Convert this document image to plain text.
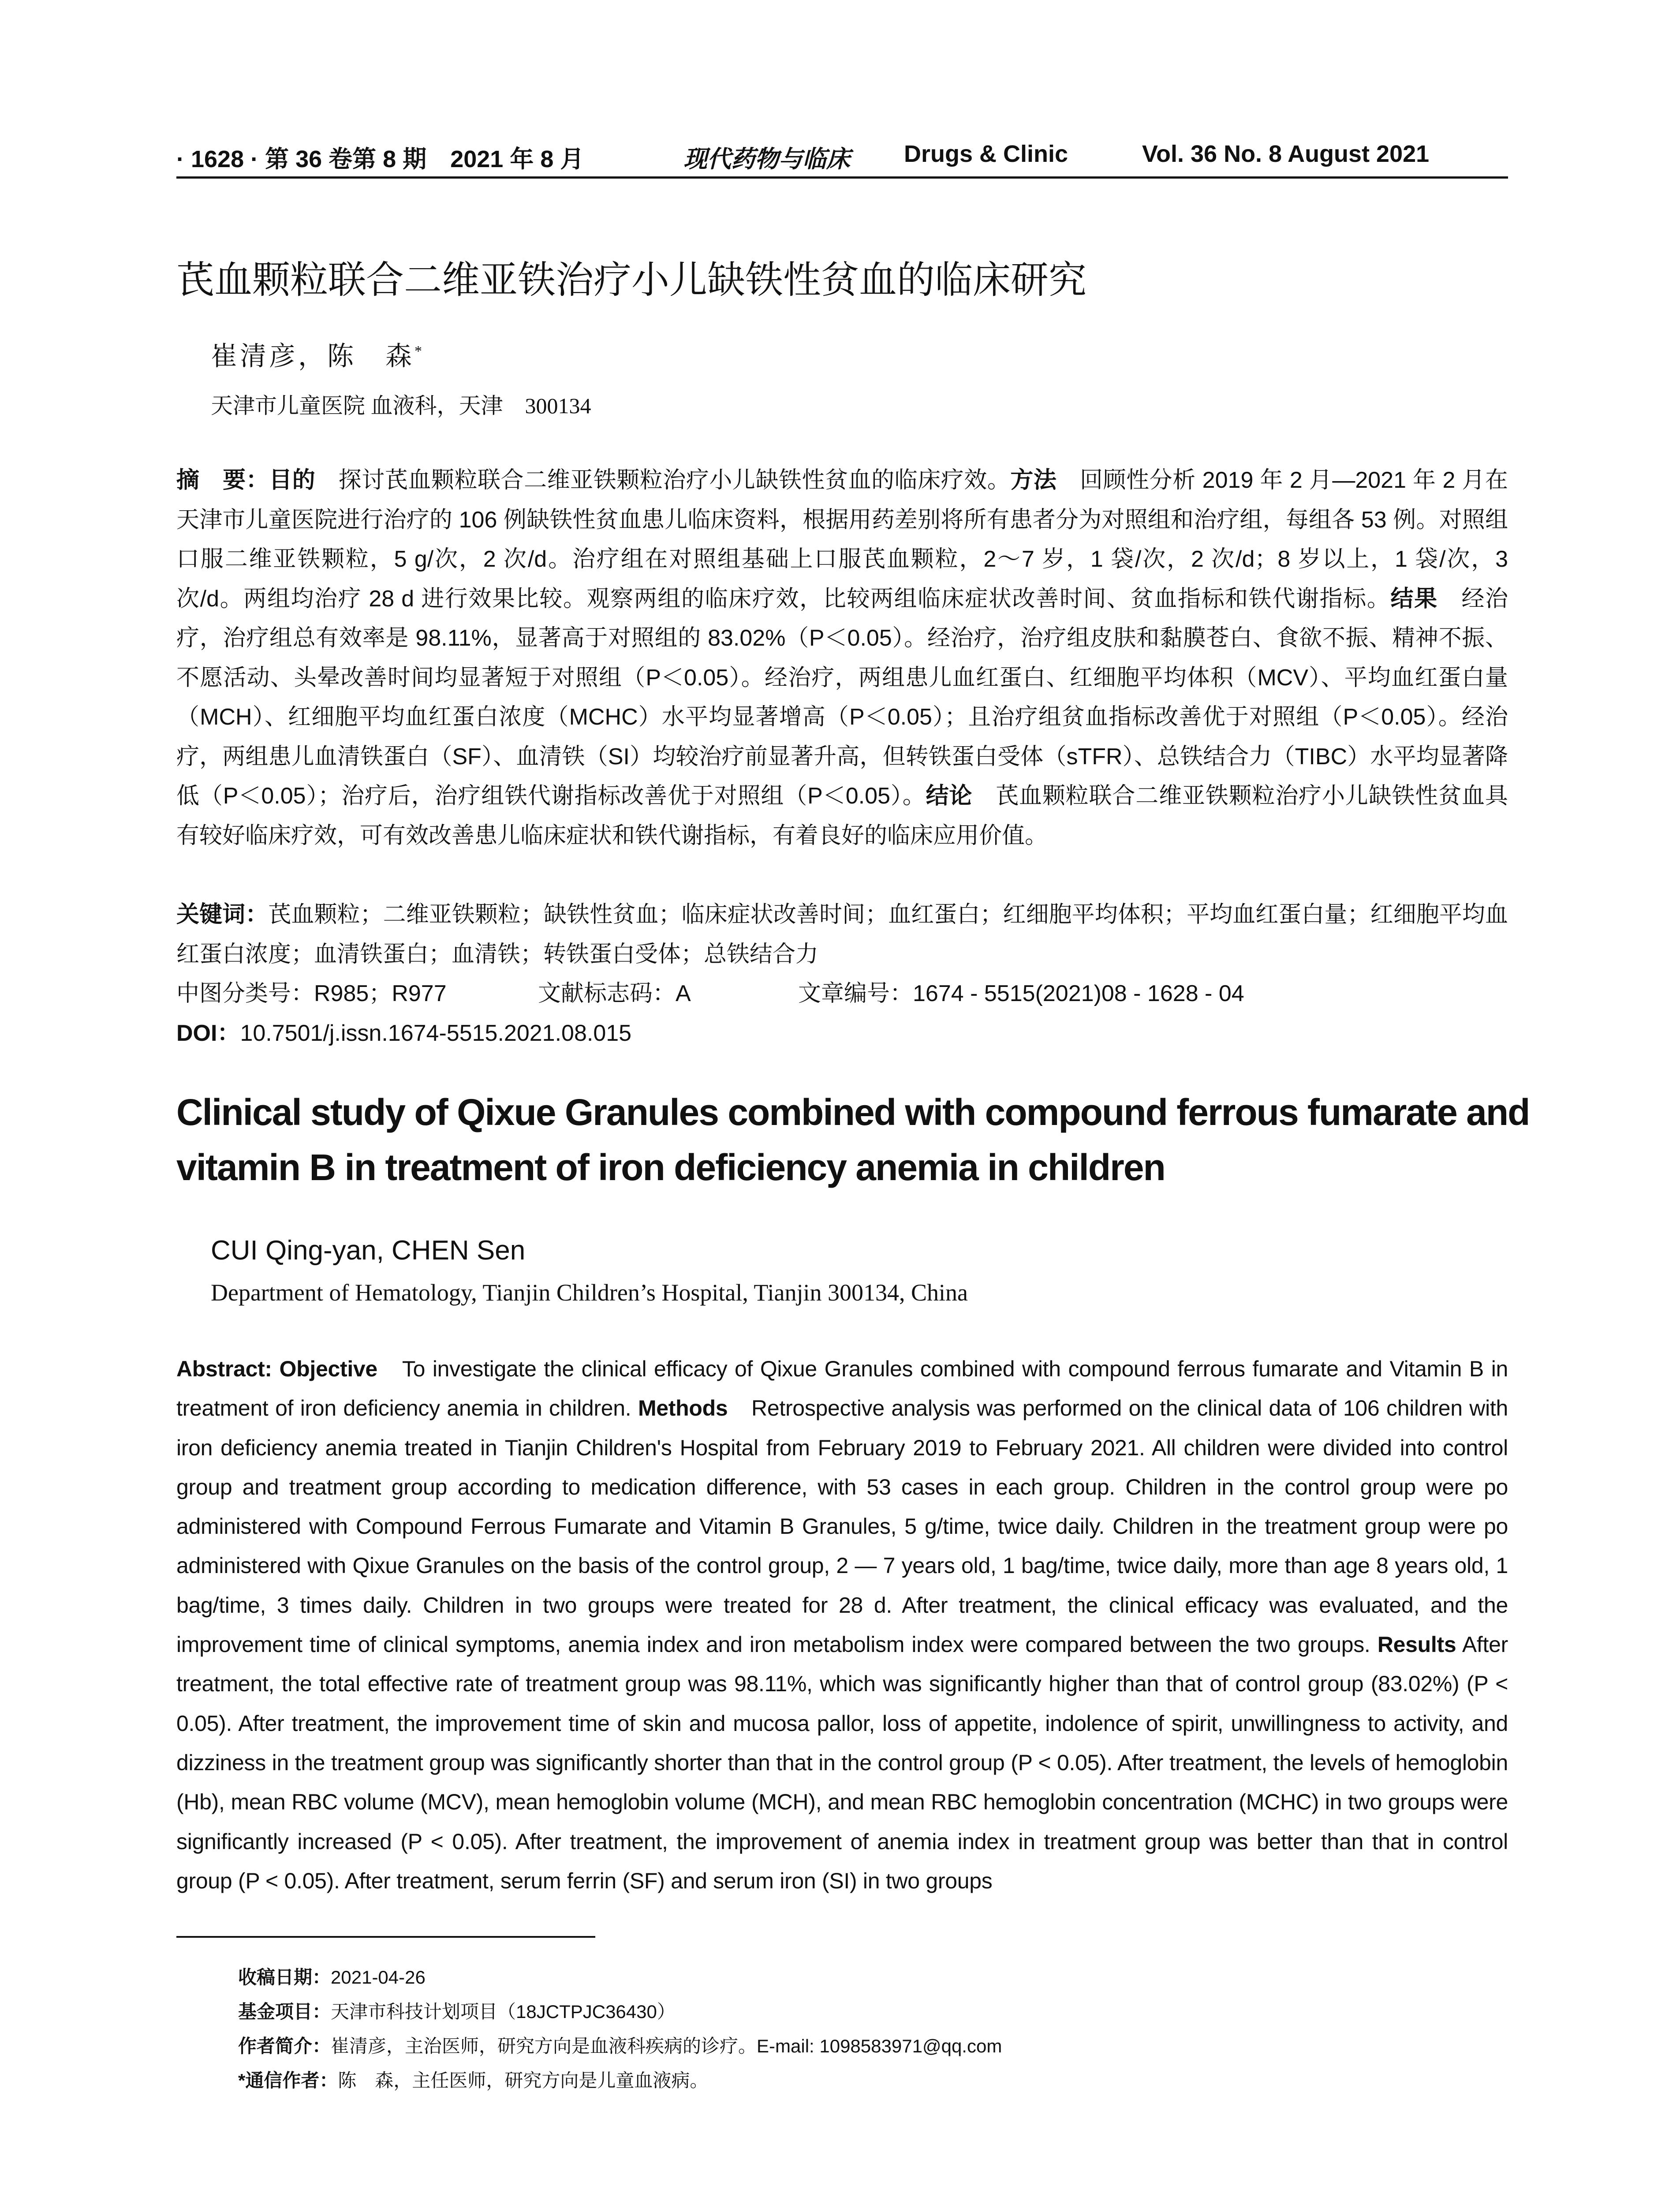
· 1628 · 第 36 卷第 8 期　2021 年 8 月	现代药物与临床 Drugs & Clinic	Vol. 36 No. 8 August 2021
芪血颗粒联合二维亚铁治疗小儿缺铁性贫血的临床研究
崔清彦，陈　森*
天津市儿童医院 血液科，天津　300134
摘　要：目的　探讨芪血颗粒联合二维亚铁颗粒治疗小儿缺铁性贫血的临床疗效。方法　回顾性分析 2019 年 2 月—2021 年 2 月在天津市儿童医院进行治疗的 106 例缺铁性贫血患儿临床资料，根据用药差别将所有患者分为对照组和治疗组，每组各 53 例。对照组口服二维亚铁颗粒，5 g/次，2 次/d。治疗组在对照组基础上口服芪血颗粒，2～7 岁，1 袋/次，2 次/d；8 岁以上，1 袋/次，3 次/d。两组均治疗 28 d 进行效果比较。观察两组的临床疗效，比较两组临床症状改善时间、贫血指标和铁代谢指标。结果　经治疗，治疗组总有效率是 98.11%，显著高于对照组的 83.02%（P＜0.05）。经治疗，治疗组皮肤和黏膜苍白、食欲不振、精神不振、不愿活动、头晕改善时间均显著短于对照组（P＜0.05）。经治疗，两组患儿血红蛋白、红细胞平均体积（MCV）、平均血红蛋白量（MCH）、红细胞平均血红蛋白浓度（MCHC）水平均显著增高（P＜0.05）；且治疗组贫血指标改善优于对照组（P＜0.05）。经治疗，两组患儿血清铁蛋白（SF）、血清铁（SI）均较治疗前显著升高，但转铁蛋白受体（sTFR）、总铁结合力（TIBC）水平均显著降低（P＜0.05）；治疗后，治疗组铁代谢指标改善优于对照组（P＜0.05）。结论　芪血颗粒联合二维亚铁颗粒治疗小儿缺铁性贫血具有较好临床疗效，可有效改善患儿临床症状和铁代谢指标，有着良好的临床应用价值。
关键词：芪血颗粒；二维亚铁颗粒；缺铁性贫血；临床症状改善时间；血红蛋白；红细胞平均体积；平均血红蛋白量；红细胞平均血红蛋白浓度；血清铁蛋白；血清铁；转铁蛋白受体；总铁结合力
中图分类号：R985；R977	文献标志码：A	文章编号：1674 - 5515(2021)08 - 1628 - 04
DOI：10.7501/j.issn.1674-5515.2021.08.015
Clinical study of Qixue Granules combined with compound ferrous fumarate and vitamin B in treatment of iron deficiency anemia in children
CUI Qing-yan, CHEN Sen
Department of Hematology, Tianjin Children’s Hospital, Tianjin 300134, China
Abstract: Objective　To investigate the clinical efficacy of Qixue Granules combined with compound ferrous fumarate and Vitamin B in treatment of iron deficiency anemia in children. Methods　Retrospective analysis was performed on the clinical data of 106 children with iron deficiency anemia treated in Tianjin Children's Hospital from February 2019 to February 2021. All children were divided into control group and treatment group according to medication difference, with 53 cases in each group. Children in the control group were po administered with Compound Ferrous Fumarate and Vitamin B Granules, 5 g/time, twice daily. Children in the treatment group were po administered with Qixue Granules on the basis of the control group, 2 — 7 years old, 1 bag/time, twice daily, more than age 8 years old, 1 bag/time, 3 times daily. Children in two groups were treated for 28 d. After treatment, the clinical efficacy was evaluated, and the improvement time of clinical symptoms, anemia index and iron metabolism index were compared between the two groups. Results After treatment, the total effective rate of treatment group was 98.11%, which was significantly higher than that of control group (83.02%) (P < 0.05). After treatment, the improvement time of skin and mucosa pallor, loss of appetite, indolence of spirit, unwillingness to activity, and dizziness in the treatment group was significantly shorter than that in the control group (P < 0.05). After treatment, the levels of hemoglobin (Hb), mean RBC volume (MCV), mean hemoglobin volume (MCH), and mean RBC hemoglobin concentration (MCHC) in two groups were significantly increased (P < 0.05). After treatment, the improvement of anemia index in treatment group was better than that in control group (P < 0.05). After treatment, serum ferrin (SF) and serum iron (SI) in two groups
收稿日期：2021-04-26
基金项目：天津市科技计划项目（18JCTPJC36430）
作者简介：崔清彦，主治医师，研究方向是血液科疾病的诊疗。E-mail: 1098583971@qq.com
*通信作者：陈　森，主任医师，研究方向是儿童血液病。
